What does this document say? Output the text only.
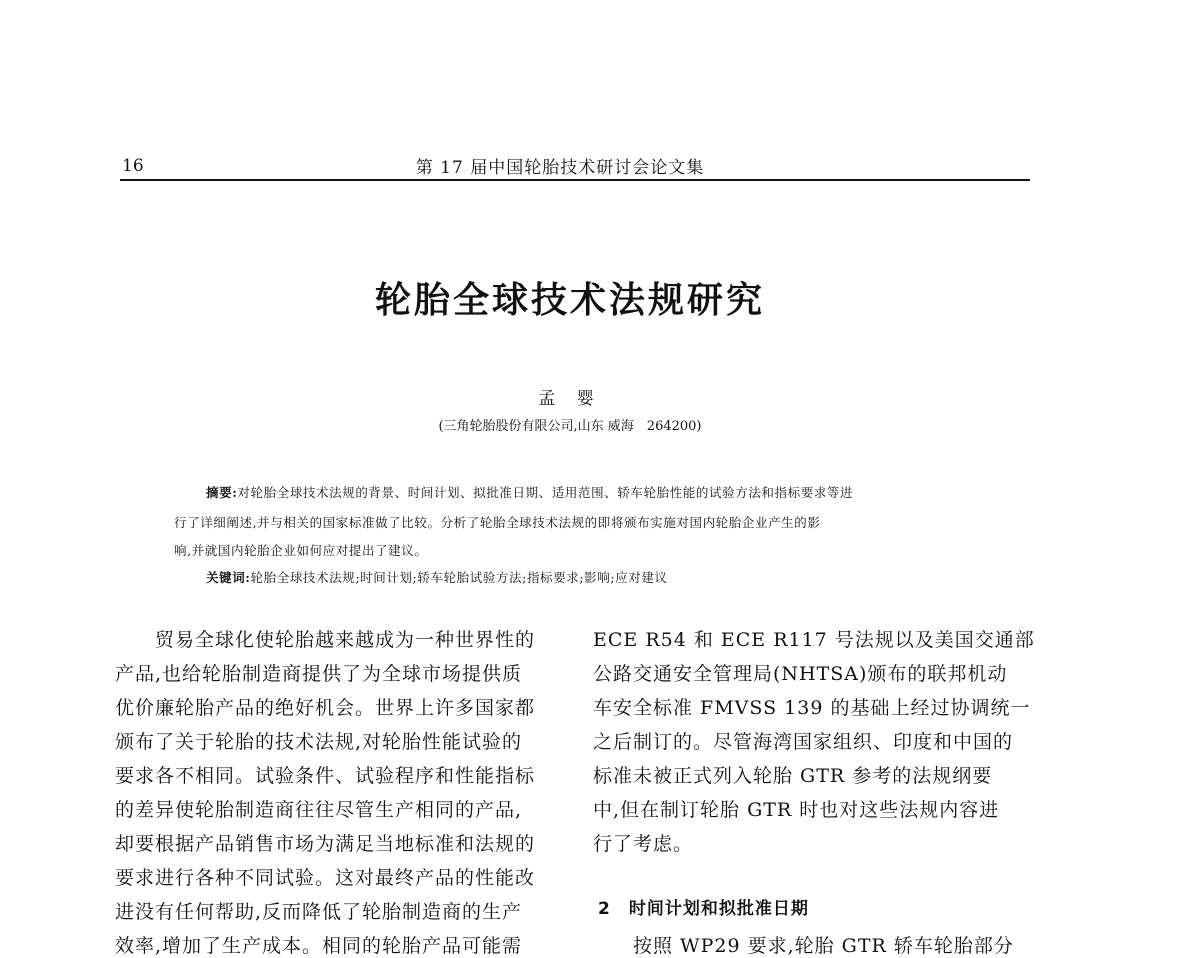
16	第 17 届中国轮胎技术研讨会论文集
轮胎全球技术法规研究
孟 婴
(三角轮胎股份有限公司,山东 威海　264200)
摘要:对轮胎全球技术法规的背景、时间计划、拟批准日期、适用范围、轿车轮胎性能的试验方法和指标要求等进
行了详细阐述,并与相关的国家标准做了比较。分析了轮胎全球技术法规的即将颁布实施对国内轮胎企业产生的影
响,并就国内轮胎企业如何应对提出了建议。
关键词:轮胎全球技术法规;时间计划;轿车轮胎试验方法;指标要求;影响;应对建议
　　贸易全球化使轮胎越来越成为一种世界性的
产品,也给轮胎制造商提供了为全球市场提供质
优价廉轮胎产品的绝好机会。世界上许多国家都
颁布了关于轮胎的技术法规,对轮胎性能试验的
要求各不相同。试验条件、试验程序和性能指标
的差异使轮胎制造商往往尽管生产相同的产品,
却要根据产品销售市场为满足当地标准和法规的
要求进行各种不同试验。这对最终产品的性能改
进没有任何帮助,反而降低了轮胎制造商的生产
效率,增加了生产成本。相同的轮胎产品可能需
ECE R54 和 ECE R117 号法规以及美国交通部
公路交通安全管理局(NHTSA)颁布的联邦机动
车安全标准 FMVSS 139 的基础上经过协调统一
之后制订的。尽管海湾国家组织、印度和中国的
标准未被正式列入轮胎 GTR 参考的法规纲要
中,但在制订轮胎 GTR 时也对这些法规内容进
行了考虑。
2 时间计划和拟批准日期
　　按照 WP29 要求,轮胎 GTR 轿车轮胎部分
